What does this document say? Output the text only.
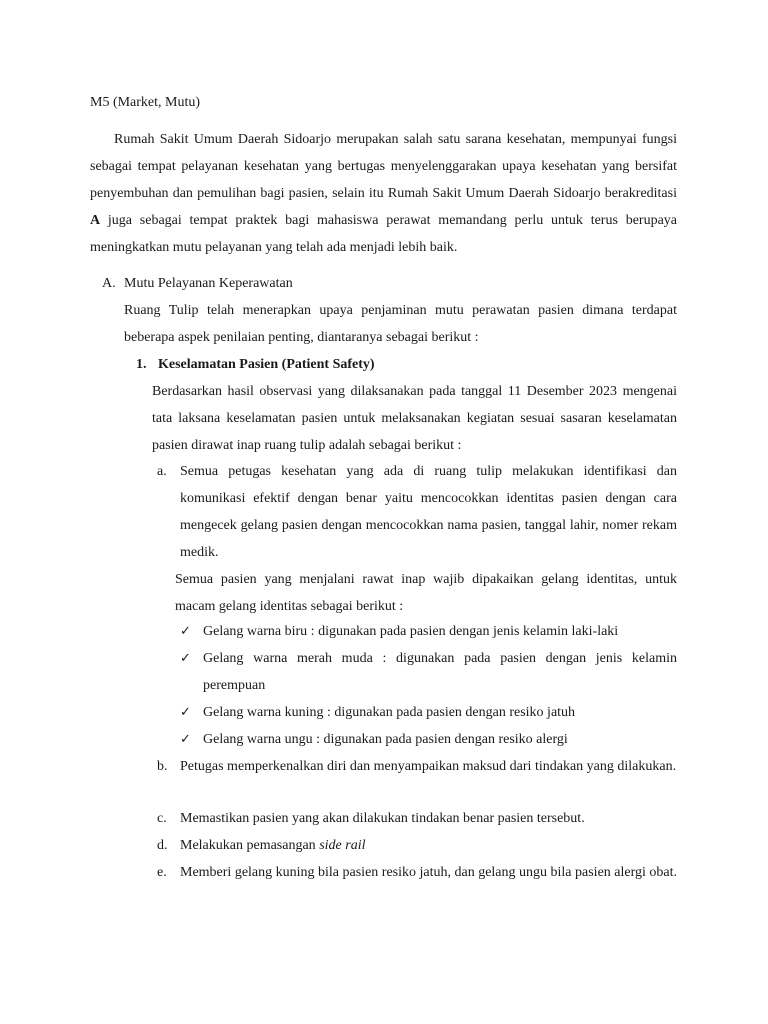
M5 (Market, Mutu)

Rumah Sakit Umum Daerah Sidoarjo merupakan salah satu sarana kesehatan, mempunyai fungsi sebagai tempat pelayanan kesehatan yang bertugas menyelenggarakan upaya kesehatan yang bersifat penyembuhan dan pemulihan bagi pasien, selain itu Rumah Sakit Umum Daerah Sidoarjo berakreditasi A juga sebagai tempat praktek bagi mahasiswa perawat memandang perlu untuk terus berupaya meningkatkan mutu pelayanan yang telah ada menjadi lebih baik.

A. Mutu Pelayanan Keperawatan

Ruang Tulip telah menerapkan upaya penjaminan mutu perawatan pasien dimana terdapat beberapa aspek penilaian penting, diantaranya sebagai berikut :

1. Keselamatan Pasien (Patient Safety)

Berdasarkan hasil observasi yang dilaksanakan pada tanggal 11 Desember 2023 mengenai tata laksana keselamatan pasien untuk melaksanakan kegiatan sesuai sasaran keselamatan pasien dirawat inap ruang tulip adalah sebagai berikut :

a. Semua petugas kesehatan yang ada di ruang tulip melakukan identifikasi dan komunikasi efektif dengan benar yaitu mencocokkan identitas pasien dengan cara mengecek gelang pasien dengan mencocokkan nama pasien, tanggal lahir, nomer rekam medik.

Semua pasien yang menjalani rawat inap wajib dipakaikan gelang identitas, untuk macam gelang identitas sebagai berikut :

✓ Gelang warna biru : digunakan pada pasien dengan jenis kelamin laki-laki
✓ Gelang warna merah muda : digunakan pada pasien dengan jenis kelamin perempuan
✓ Gelang warna kuning : digunakan pada pasien dengan resiko jatuh
✓ Gelang warna ungu : digunakan pada pasien dengan resiko alergi
b. Petugas memperkenalkan diri dan menyampaikan maksud dari tindakan yang dilakukan.
c. Memastikan pasien yang akan dilakukan tindakan benar pasien tersebut.
d. Melakukan pemasangan side rail
e. Memberi gelang kuning bila pasien resiko jatuh, dan gelang ungu bila pasien alergi obat.
